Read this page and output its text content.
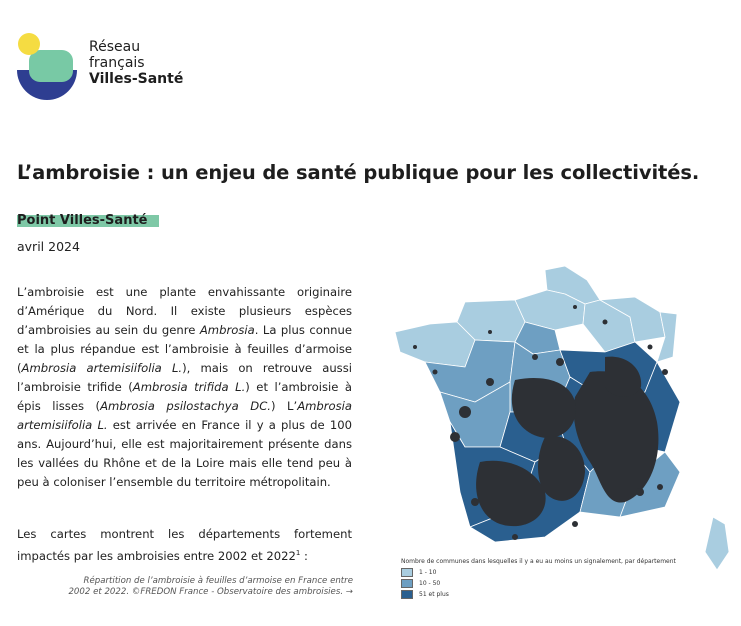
Réseau
français
Villes-Santé
L’ambroisie : un enjeu de santé publique pour les collectivités.
Point Villes-Santé
avril 2024

L’ambroisie est une plante envahissante originaire d’Amérique du Nord. Il existe plusieurs espèces d’ambroisies au sein du genre Ambrosia. La plus connue et la plus répandue est l’ambroisie à feuilles d’armoise (Ambrosia artemisiifolia L.), mais on retrouve aussi l’ambroisie trifide (Ambrosia trifida L.) et l’ambroisie à épis lisses (Ambrosia psilostachya DC.) L’Ambrosia artemisiifolia L. est arrivée en France il y a plus de 100 ans. Aujourd’hui, elle est majoritairement présente dans les vallées du Rhône et de la Loire mais elle tend peu à peu à coloniser l’ensemble du territoire métropolitain.

Les cartes montrent les départements fortement impactés par les ambroisies entre 2002 et 2022$^1$ :

Répartition de l’ambroisie à feuilles d’armoise en France entre
2002 et 2022. ©FREDON France - Observatoire des ambroisies. →

Nombre de communes dans lesquelles il y a eu au moins un signalement, par département
1 - 10
10 - 50
51 et plus
